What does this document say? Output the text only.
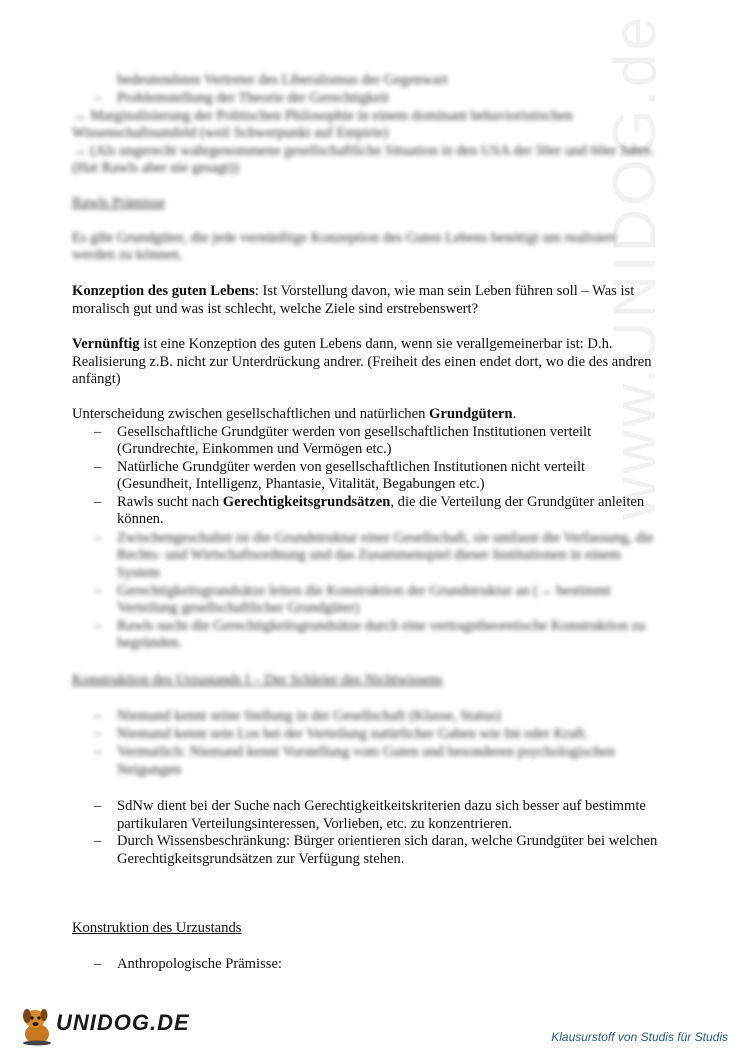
www.UNIDOG.de

bedeutendsten Vertreter des Liberalismus der Gegenwart

– Problemstellung der Theorie der Gerechtigkeit

→ Marginalisierung der Politischen Philosophie in einem dominant behavioristischen

Wissenschaftsumfeld (weil Schwerpunkt auf Empirie)

→ (Als ungerecht wahrgenommene gesellschaftliche Situation in den USA der 50er und 60er Jahre.

(Hat Rawls aber nie gesagt))

Rawls Prämisse

Es gibt Grundgüter, die jede vernünftige Konzeption des Guten Lebens benötigt um realisiert

werden zu können.

Konzeption des guten Lebens: Ist Vorstellung davon, wie man sein Leben führen soll – Was ist

moralisch gut und was ist schlecht, welche Ziele sind erstrebenswert?

Vernünftig ist eine Konzeption des guten Lebens dann, wenn sie verallgemeinerbar ist: D.h.

Realisierung z.B. nicht zur Unterdrückung andrer. (Freiheit des einen endet dort, wo die des andren

anfängt)

Unterscheidung zwischen gesellschaftlichen und natürlichen Grundgütern.

– Gesellschaftliche Grundgüter werden von gesellschaftlichen Institutionen verteilt
(Grundrechte, Einkommen und Vermögen etc.)
– Natürliche Grundgüter werden von gesellschaftlichen Institutionen nicht verteilt
(Gesundheit, Intelligenz, Phantasie, Vitalität, Begabungen etc.)
– Rawls sucht nach Gerechtigkeitsgrundsätzen, die die Verteilung der Grundgüter anleiten
können.
– Zwischengeschaltet ist die Grundstruktur einer Gesellschaft, sie umfasst die Verfassung, die

Rechts- und Wirtschaftsordnung und das Zusammenspiel dieser Institutionen in einem

System

– Gerechtigkeitsgrundsätze leiten die Konstruktion der Grundstruktur an (→ bestimmt

Verteilung gesellschaftlicher Grundgüter)

– Rawls sucht die Gerechtigkeitsgrundsätze durch eine vertragstheoretische Konstruktion zu

begründen.

Konstruktion des Urzustands I – Der Schleier des Nichtwissens

– Niemand kennt seine Stellung in der Gesellschaft (Klasse, Status)

– Niemand kennt sein Los bei der Verteilung natürlicher Gaben wie Int oder Kraft.

– Vermutlich: Niemand kennt Vorstellung vom Guten und besonderen psychologischen

Neigungen

– SdNw dient bei der Suche nach Gerechtigkeitkeitskriterien dazu sich besser auf bestimmte
partikularen Verteilungsinteressen, Vorlieben, etc. zu konzentrieren.
– Durch Wissensbeschränkung: Bürger orientieren sich daran, welche Grundgüter bei welchen
Gerechtigkeitsgrundsätzen zur Verfügung stehen.

Konstruktion des Urzustands

– Anthropologische Prämisse:
UNIDOG.DE
Klausurstoff von Studis für Studis
